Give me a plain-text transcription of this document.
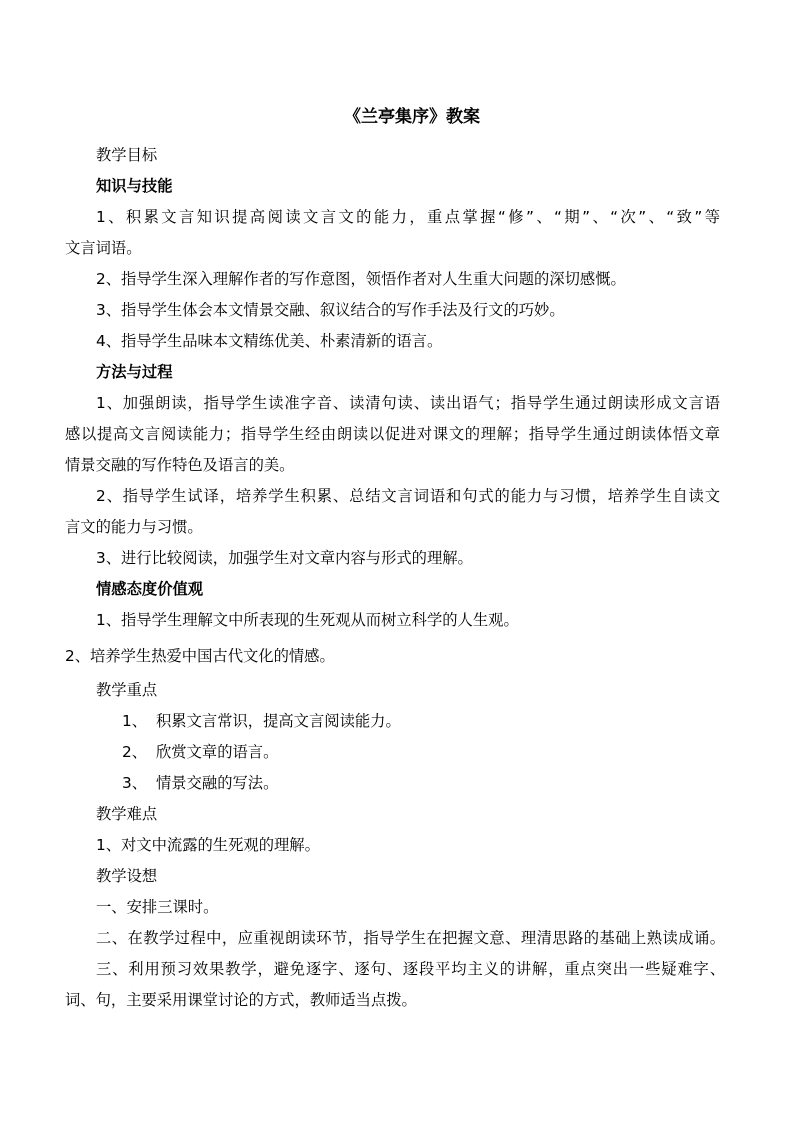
《兰亭集序》教案

教学目标

知识与技能

1、积累文言知识提高阅读文言文的能力，重点掌握“修”、“期”、“次”、“致”等

文言词语。

2、指导学生深入理解作者的写作意图，领悟作者对人生重大问题的深切感慨。

3、指导学生体会本文情景交融、叙议结合的写作手法及行文的巧妙。

4、指导学生品味本文精练优美、朴素清新的语言。

方法与过程

1、加强朗读，指导学生读准字音、读清句读、读出语气；指导学生通过朗读形成文言语

感以提高文言阅读能力；指导学生经由朗读以促进对课文的理解；指导学生通过朗读体悟文章

情景交融的写作特色及语言的美。

2、指导学生试译，培养学生积累、总结文言词语和句式的能力与习惯，培养学生自读文

言文的能力与习惯。

3、进行比较阅读，加强学生对文章内容与形式的理解。

情感态度价值观

1、指导学生理解文中所表现的生死观从而树立科学的人生观。

2、培养学生热爱中国古代文化的情感。

教学重点

1、 积累文言常识，提高文言阅读能力。

2、 欣赏文章的语言。

3、 情景交融的写法。

教学难点

1、对文中流露的生死观的理解。

教学设想

一、安排三课时。

二、在教学过程中，应重视朗读环节，指导学生在把握文意、理清思路的基础上熟读成诵。

三、利用预习效果教学，避免逐字、逐句、逐段平均主义的讲解，重点突出一些疑难字、

词、句，主要采用课堂讨论的方式，教师适当点拨。
